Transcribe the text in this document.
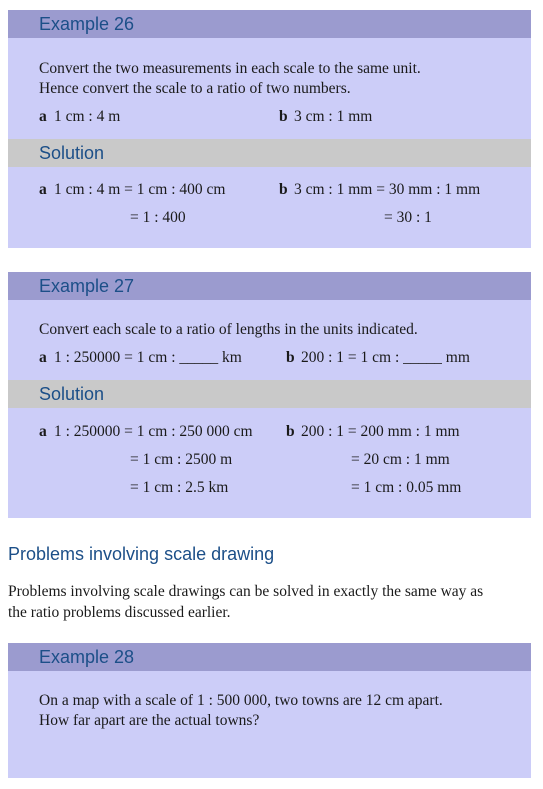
Example 26
Convert the two measurements in each scale to the same unit.
Hence convert the scale to a ratio of two numbers.
a 1 cm : 4 m	b 3 cm : 1 mm
Solution
a 1 cm : 4 m = 1 cm : 400 cm
= 1 : 400
b 3 cm : 1 mm = 30 mm : 1 mm
= 30 : 1
Example 27
Convert each scale to a ratio of lengths in the units indicated.
a 1 : 250000 = 1 cm : _____ km	b 200 : 1 = 1 cm : _____ mm
Solution
a 1 : 250000 = 1 cm : 250 000 cm
= 1 cm : 2500 m
= 1 cm : 2.5 km
b 200 : 1 = 200 mm : 1 mm
= 20 cm : 1 mm
= 1 cm : 0.05 mm
Problems involving scale drawing
Problems involving scale drawings can be solved in exactly the same way as
the ratio problems discussed earlier.
Example 28
On a map with a scale of 1 : 500 000, two towns are 12 cm apart.
How far apart are the actual towns?
